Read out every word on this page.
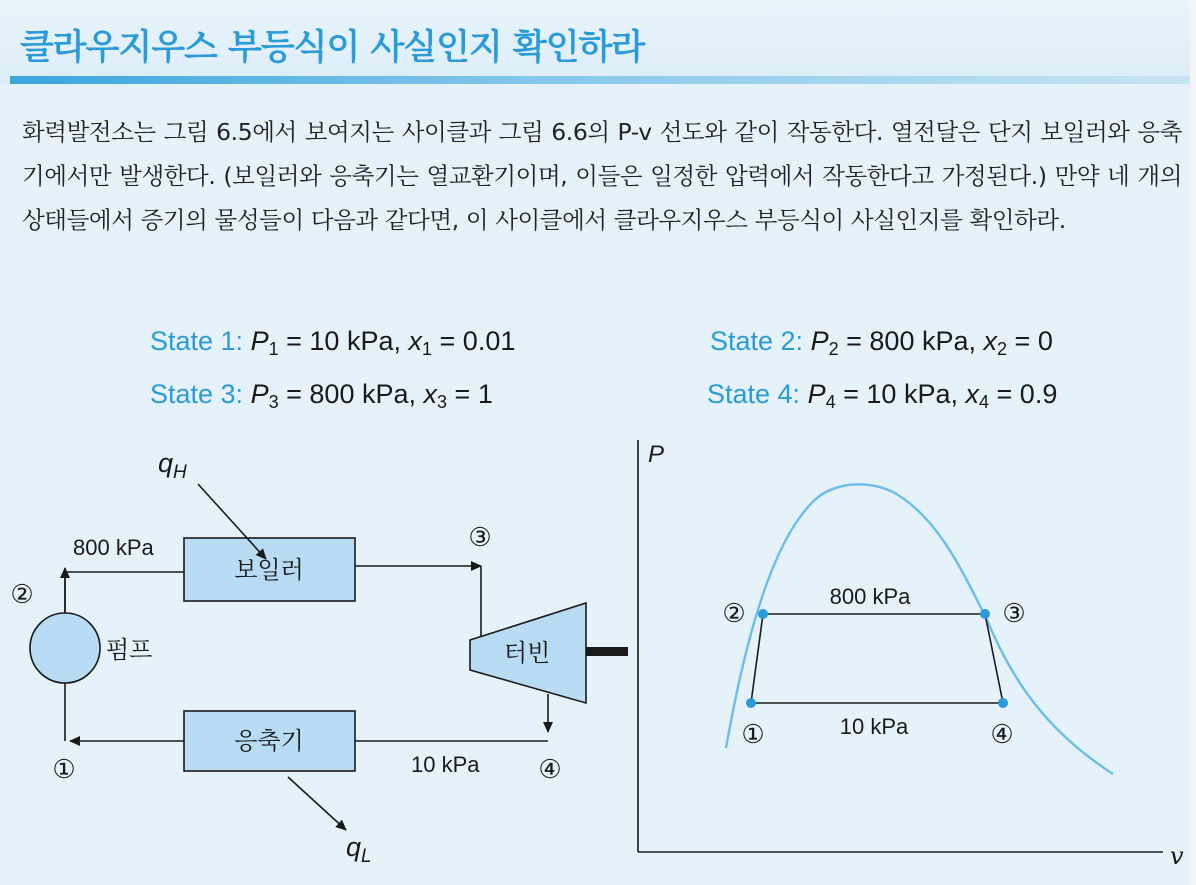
클라우지우스 부등식이 사실인지 확인하라
화력발전소는 그림 6.5에서 보여지는 사이클과 그림 6.6의 P-v 선도와 같이 작동한다. 열전달은 단지 보일러와 응축기에서만 발생한다. (보일러와 응축기는 열교환기이며, 이들은 일정한 압력에서 작동한다고 가정된다.) 만약 네 개의 상태들에서 증기의 물성들이 다음과 같다면, 이 사이클에서 클라우지우스 부등식이 사실인지를 확인하라.
State 1: $P_1 = 10$ kPa, $x_1 = 0.01$	State 2: $P_2 = 800$ kPa, $x_2 = 0$
State 3: $P_3 = 800$ kPa, $x_3 = 1$	State 4: $P_4 = 10$ kPa, $x_4 = 0.9$
보일러
응축기
펌프	터빈
$q_H$
$q_L$
800 kPa
10 kPa
②
③
④
①
P
v
800 kPa
10 kPa
②	③
①	④
